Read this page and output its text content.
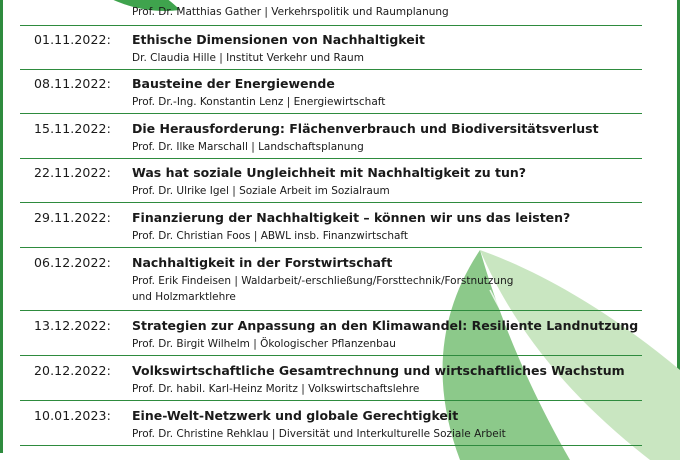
Prof. Dr. Matthias Gather | Verkehrspolitik und Raumplanung
01.11.2022: Ethische Dimensionen von Nachhaltigkeit
Dr. Claudia Hille | Institut Verkehr und Raum
08.11.2022: Bausteine der Energiewende
Prof. Dr.-Ing. Konstantin Lenz | Energiewirtschaft
15.11.2022: Die Herausforderung: Flächenverbrauch und Biodiversitätsverlust
Prof. Dr. Ilke Marschall | Landschaftsplanung
22.11.2022: Was hat soziale Ungleichheit mit Nachhaltigkeit zu tun?
Prof. Dr. Ulrike Igel | Soziale Arbeit im Sozialraum
29.11.2022: Finanzierung der Nachhaltigkeit – können wir uns das leisten?
Prof. Dr. Christian Foos | ABWL insb. Finanzwirtschaft
06.12.2022: Nachhaltigkeit in der Forstwirtschaft
Prof. Erik Findeisen | Waldarbeit/-erschließung/Forsttechnik/Forstnutzung
und Holzmarktlehre
13.12.2022: Strategien zur Anpassung an den Klimawandel: Resiliente Landnutzung
Prof. Dr. Birgit Wilhelm | Ökologischer Pflanzenbau
20.12.2022: Volkswirtschaftliche Gesamtrechnung und wirtschaftliches Wachstum
Prof. Dr. habil. Karl-Heinz Moritz | Volkswirtschaftslehre
10.01.2023: Eine-Welt-Netzwerk und globale Gerechtigkeit
Prof. Dr. Christine Rehklau | Diversität und Interkulturelle Soziale Arbeit
